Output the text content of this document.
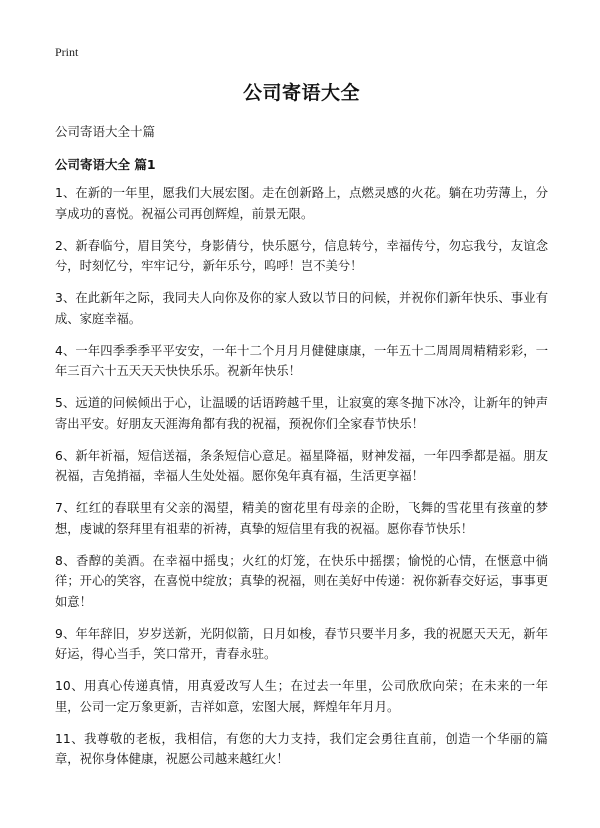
Print
公司寄语大全
公司寄语大全十篇
公司寄语大全 篇1

1、在新的一年里，愿我们大展宏图。走在创新路上，点燃灵感的火花。躺在功劳薄上，分享成功的喜悦。祝福公司再创辉煌，前景无限。

2、新春临兮，眉目笑兮，身影倩兮，快乐愿兮，信息转兮，幸福传兮，勿忘我兮，友谊念兮，时刻忆兮，牢牢记兮，新年乐兮，呜呼！岂不美兮！

3、在此新年之际，我同夫人向你及你的家人致以节日的问候，并祝你们新年快乐、事业有成、家庭幸福。

4、一年四季季季平平安安，一年十二个月月月健健康康，一年五十二周周周精精彩彩，一年三百六十五天天天快快乐乐。祝新年快乐！

5、远道的问候倾出于心，让温暖的话语跨越千里，让寂寞的寒冬抛下冰冷，让新年的钟声寄出平安。好朋友天涯海角都有我的祝福，预祝你们全家春节快乐！

6、新年祈福，短信送福，条条短信心意足。福星降福，财神发福，一年四季都是福。朋友祝福，吉兔捎福，幸福人生处处福。愿你兔年真有福，生活更享福！

7、红红的春联里有父亲的渴望，精美的窗花里有母亲的企盼，飞舞的雪花里有孩童的梦想，虔诚的祭拜里有祖辈的祈祷，真挚的短信里有我的祝福。愿你春节快乐！

8、香醇的美酒。在幸福中摇曳；火红的灯笼，在快乐中摇摆；愉悦的心情，在惬意中徜徉；开心的笑容，在喜悦中绽放；真挚的祝福，则在美好中传递：祝你新春交好运，事事更如意！

9、年年辞旧，岁岁送新，光阴似箭，日月如梭，春节只要半月多，我的祝愿天天无，新年好运，得心当手，笑口常开，青春永驻。

10、用真心传递真情，用真爱改写人生；在过去一年里，公司欣欣向荣；在未来的一年里，公司一定万象更新，吉祥如意，宏图大展，辉煌年年月月。

11、我尊敬的老板，我相信，有您的大力支持，我们定会勇往直前，创造一个华丽的篇章，祝你身体健康，祝愿公司越来越红火！
